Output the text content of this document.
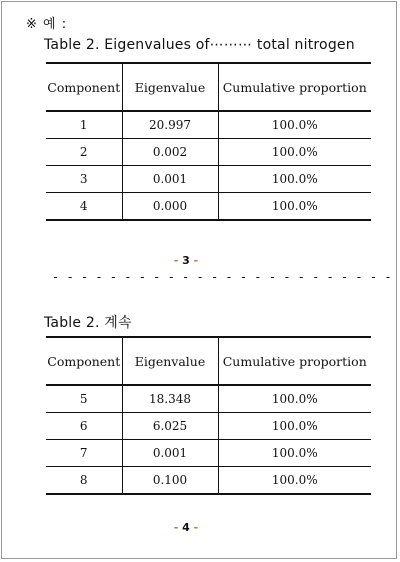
※ 예 :
Table 2. Eigenvalues of⋯⋯⋯ total nitrogen
Component	Eigenvalue	Cumulative proportion
1	20.997	100.0%
2	0.002	100.0%
3	0.001	100.0%
4	0.000	100.0%
- 3 -
- - - - - - - - - - - - - - - - - - - - - - - -
Table 2. 계속
Component	Eigenvalue	Cumulative proportion
5	18.348	100.0%
6	6.025	100.0%
7	0.001	100.0%
8	0.100	100.0%
- 4 -
